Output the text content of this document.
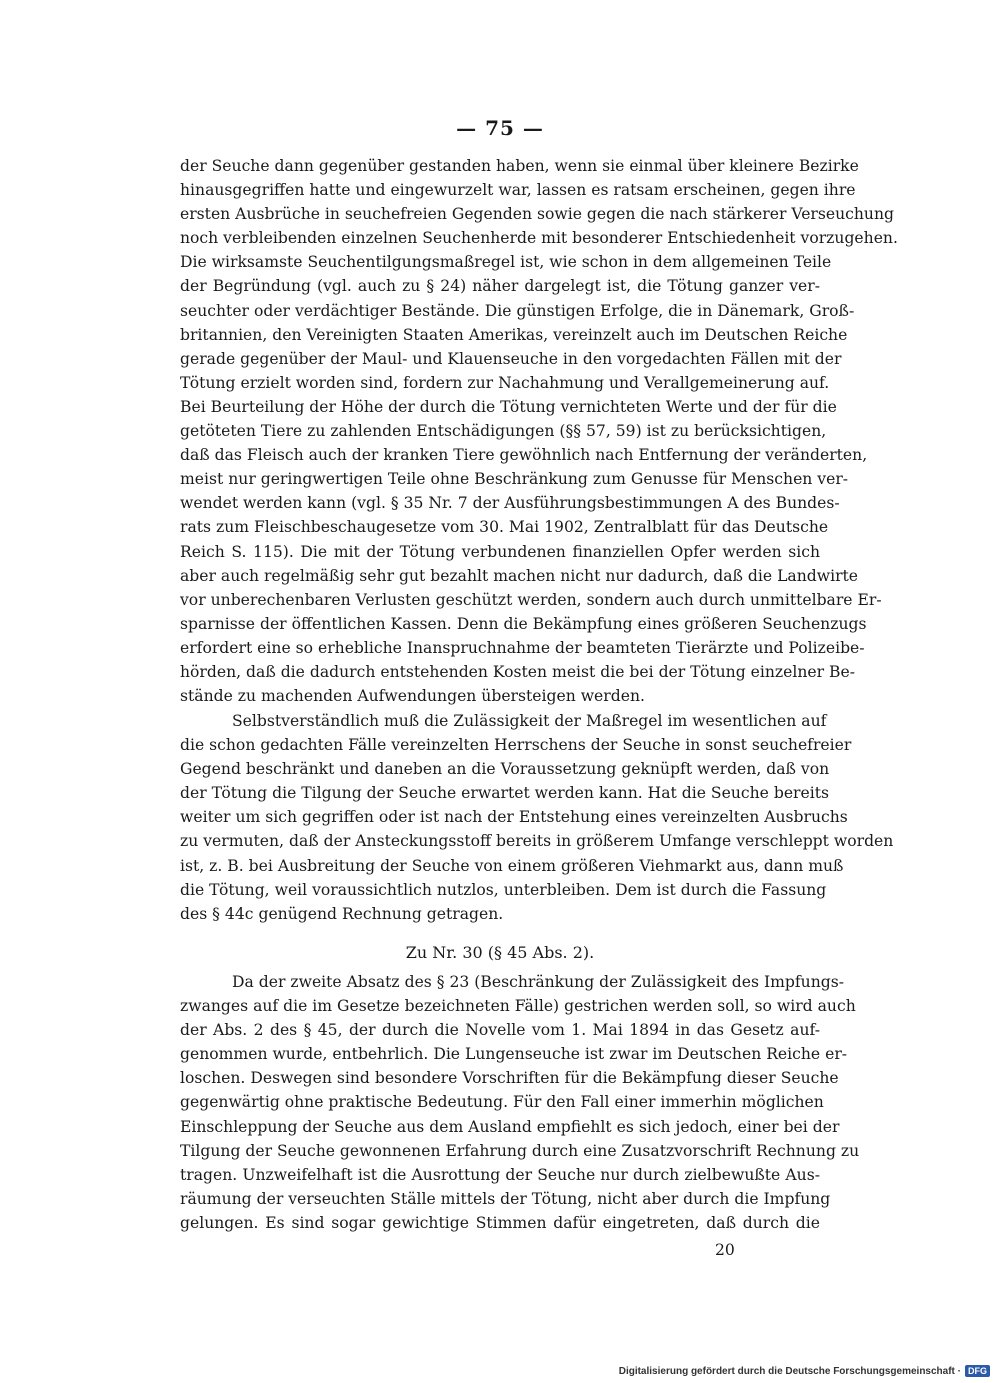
— 75 —
der Seuche dann gegenüber gestanden haben, wenn sie einmal über kleinere Bezirke
hinausgegriffen hatte und eingewurzelt war, lassen es ratsam erscheinen, gegen ihre
ersten Ausbrüche in seuchefreien Gegenden sowie gegen die nach stärkerer Verseuchung
noch verbleibenden einzelnen Seuchenherde mit besonderer Entschiedenheit vorzugehen.
Die wirksamste Seuchentilgungsmaßregel ist, wie schon in dem allgemeinen Teile
der Begründung (vgl. auch zu § 24) näher dargelegt ist, die Tötung ganzer ver-
seuchter oder verdächtiger Bestände. Die günstigen Erfolge, die in Dänemark, Groß-
britannien, den Vereinigten Staaten Amerikas, vereinzelt auch im Deutschen Reiche
gerade gegenüber der Maul- und Klauenseuche in den vorgedachten Fällen mit der
Tötung erzielt worden sind, fordern zur Nachahmung und Verallgemeinerung auf.
Bei Beurteilung der Höhe der durch die Tötung vernichteten Werte und der für die
getöteten Tiere zu zahlenden Entschädigungen (§§ 57, 59) ist zu berücksichtigen,
daß das Fleisch auch der kranken Tiere gewöhnlich nach Entfernung der veränderten,
meist nur geringwertigen Teile ohne Beschränkung zum Genusse für Menschen ver-
wendet werden kann (vgl. § 35 Nr. 7 der Ausführungsbestimmungen A des Bundes-
rats zum Fleischbeschaugesetze vom 30. Mai 1902, Zentralblatt für das Deutsche
Reich S. 115). Die mit der Tötung verbundenen finanziellen Opfer werden sich
aber auch regelmäßig sehr gut bezahlt machen nicht nur dadurch, daß die Landwirte
vor unberechenbaren Verlusten geschützt werden, sondern auch durch unmittelbare Er-
sparnisse der öffentlichen Kassen. Denn die Bekämpfung eines größeren Seuchenzugs
erfordert eine so erhebliche Inanspruchnahme der beamteten Tierärzte und Polizeibe-
hörden, daß die dadurch entstehenden Kosten meist die bei der Tötung einzelner Be-
stände zu machenden Aufwendungen übersteigen werden.
Selbstverständlich muß die Zulässigkeit der Maßregel im wesentlichen auf
die schon gedachten Fälle vereinzelten Herrschens der Seuche in sonst seuchefreier
Gegend beschränkt und daneben an die Voraussetzung geknüpft werden, daß von
der Tötung die Tilgung der Seuche erwartet werden kann. Hat die Seuche bereits
weiter um sich gegriffen oder ist nach der Entstehung eines vereinzelten Ausbruchs
zu vermuten, daß der Ansteckungsstoff bereits in größerem Umfange verschleppt worden
ist, z. B. bei Ausbreitung der Seuche von einem größeren Viehmarkt aus, dann muß
die Tötung, weil voraussichtlich nutzlos, unterbleiben. Dem ist durch die Fassung
des § 44c genügend Rechnung getragen.
Zu Nr. 30 (§ 45 Abs. 2).
Da der zweite Absatz des § 23 (Beschränkung der Zulässigkeit des Impfungs-
zwanges auf die im Gesetze bezeichneten Fälle) gestrichen werden soll, so wird auch
der Abs. 2 des § 45, der durch die Novelle vom 1. Mai 1894 in das Gesetz auf-
genommen wurde, entbehrlich. Die Lungenseuche ist zwar im Deutschen Reiche er-
loschen. Deswegen sind besondere Vorschriften für die Bekämpfung dieser Seuche
gegenwärtig ohne praktische Bedeutung. Für den Fall einer immerhin möglichen
Einschleppung der Seuche aus dem Ausland empfiehlt es sich jedoch, einer bei der
Tilgung der Seuche gewonnenen Erfahrung durch eine Zusatzvorschrift Rechnung zu
tragen. Unzweifelhaft ist die Ausrottung der Seuche nur durch zielbewußte Aus-
räumung der verseuchten Ställe mittels der Tötung, nicht aber durch die Impfung
gelungen. Es sind sogar gewichtige Stimmen dafür eingetreten, daß durch die
20
Digitalisierung gefördert durch die Deutsche Forschungsgemeinschaft · DFG
